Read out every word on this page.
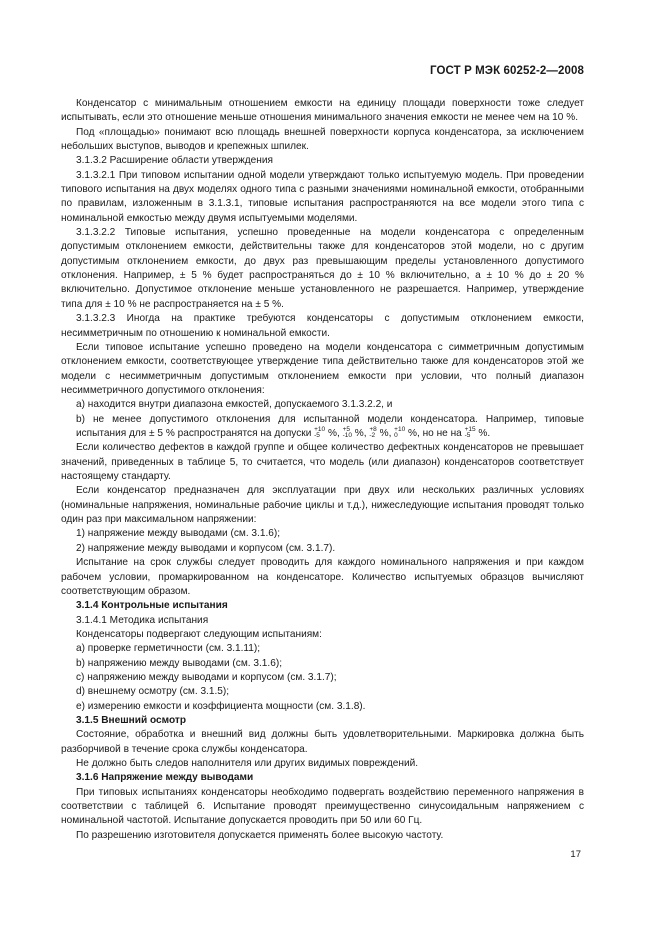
ГОСТ Р МЭК 60252-2—2008

Конденсатор с минимальным отношением емкости на единицу площади поверхности тоже следует испытывать, если это отношение меньше отношения минимального значения емкости не менее чем на 10 %.

Под «площадью» понимают всю площадь внешней поверхности корпуса конденсатора, за исключением небольших выступов, выводов и крепежных шпилек.

3.1.3.2 Расширение области утверждения

3.1.3.2.1 При типовом испытании одной модели утверждают только испытуемую модель. При проведении типового испытания на двух моделях одного типа с разными значениями номинальной емкости, отобранными по правилам, изложенным в 3.1.3.1, типовые испытания распространяются на все модели этого типа с номинальной емкостью между двумя испытуемыми моделями.

3.1.3.2.2 Типовые испытания, успешно проведенные на модели конденсатора c определенным допустимым отклонением емкости, действительны также для конденсаторов этой модели, но c другим допустимым отклонением емкости, до двух раз превышающим пределы установленного допустимого отклонения. Например, ± 5 % будет распространяться до ± 10 % включительно, а ± 10 % до ± 20 % включительно. Допустимое отклонение меньше установленного не разрешается. Например, утверждение типа для ± 10 % не распространяется на ± 5 %.

3.1.3.2.3 Иногда на практике требуются конденсаторы с допустимым отклонением емкости, несимметричным по отношению к номинальной емкости.

Если типовое испытание успешно проведено на модели конденсатора с симметричным допустимым отклонением емкости, соответствующее утверждение типа действительно также для конденсаторов этой же модели c несимметричным допустимым отклонением емкости при условии, что полный диапазон несимметричного допустимого отклонения:

a) находится внутри диапазона емкостей, допускаемого 3.1.3.2.2, и

b) не менее допустимого отклонения для испытанной модели конденсатора. Например, типовые испытания для ± 5 % распространятся на допуски +10
-5 %, +5
-10 %, +8
-2 %, +10
0 %, но не на +15
-5 %.

Если количество дефектов в каждой группе и общее количество дефектных конденсаторов не превышает значений, приведенных в таблице 5, то считается, что модель (или диапазон) конденсаторов соответствует настоящему стандарту.

Если конденсатор предназначен для эксплуатации при двух или нескольких различных условиях (номинальные напряжения, номинальные рабочие циклы и т.д.), нижеследующие испытания проводят только один раз при максимальном напряжении:

1) напряжение между выводами (см. 3.1.6);

2) напряжение между выводами и корпусом (см. 3.1.7).

Испытание на срок службы следует проводить для каждого номинального напряжения и при каждом рабочем условии, промаркированном на конденсаторе. Количество испытуемых образцов вычисляют соответствующим образом.

3.1.4 Контрольные испытания

3.1.4.1 Методика испытания

Конденсаторы подвергают следующим испытаниям:

a) проверке герметичности (см. 3.1.11);

b) напряжению между выводами (см. 3.1.6);

c) напряжению между выводами и корпусом (см. 3.1.7);

d) внешнему осмотру (см. 3.1.5);

e) измерению емкости и коэффициента мощности (см. 3.1.8).

3.1.5 Внешний осмотр

Состояние, обработка и внешний вид должны быть удовлетворительными. Маркировка должна быть разборчивой в течение срока службы конденсатора.

Не должно быть следов наполнителя или других видимых повреждений.

3.1.6 Напряжение между выводами

При типовых испытаниях конденсаторы необходимо подвергать воздействию переменного напряжения в соответствии с таблицей 6. Испытание проводят преимущественно синусоидальным напряжением с номинальной частотой. Испытание допускается проводить при 50 или 60 Гц.

По разрешению изготовителя допускается применять более высокую частоту.

17
